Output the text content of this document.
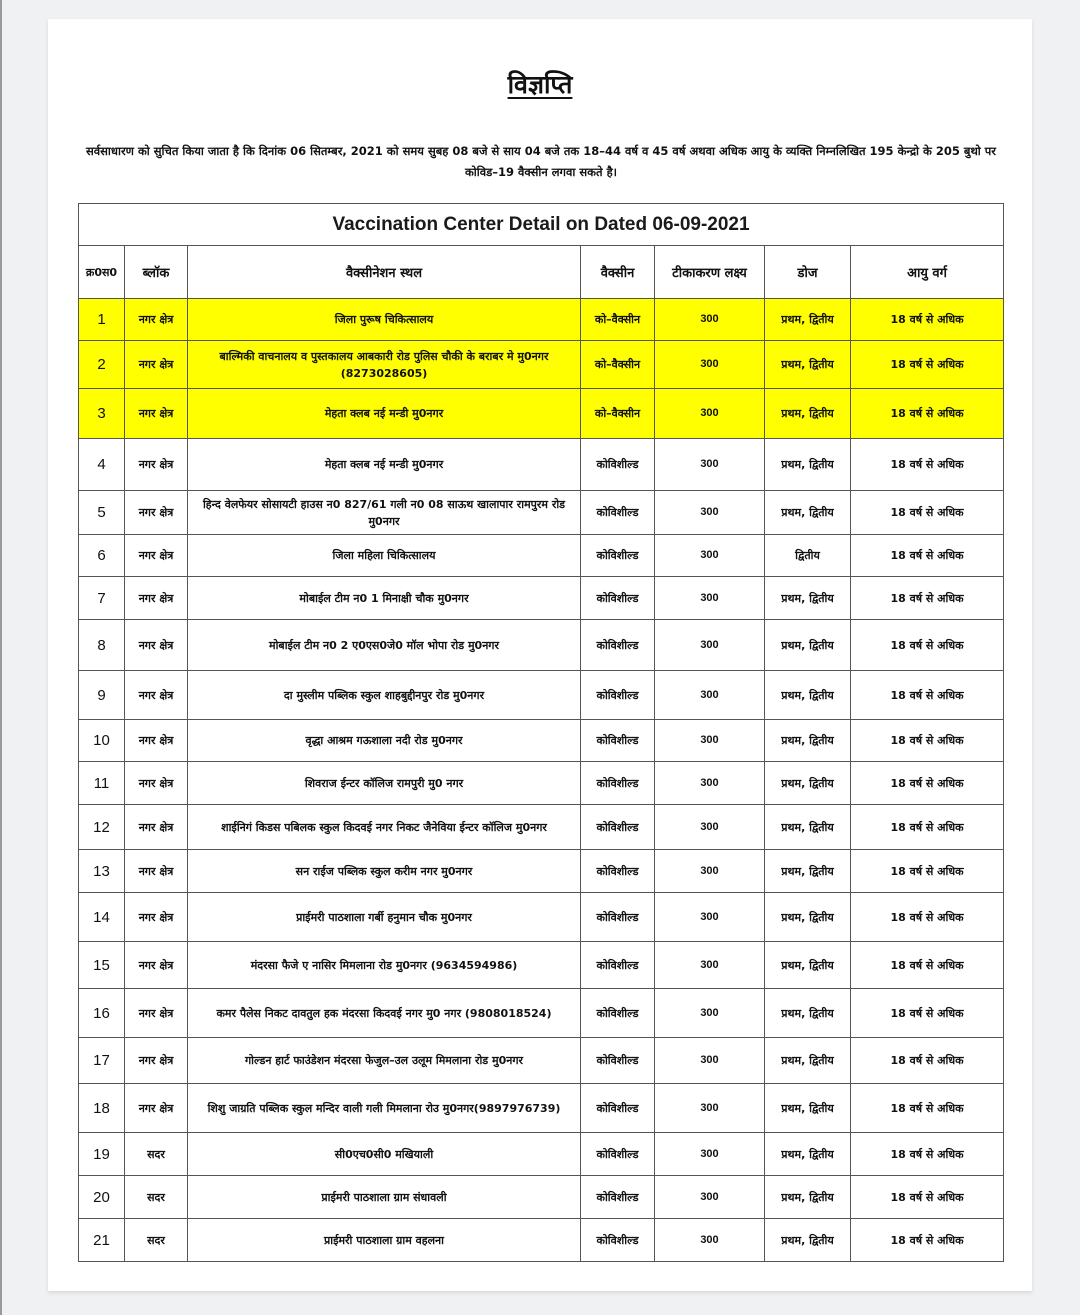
विज्ञप्ति
सर्वसाधारण को सुचित किया जाता है कि दिनांक 06 सितम्बर, 2021 को समय सुबह 08 बजे से साय 04 बजे तक 18–44 वर्ष व 45 वर्ष अथवा अधिक आयु के व्यक्ति निम्नलिखित 195 केन्द्रो के 205 बुथो पर कोविड–19 वैक्सीन लगवा सकते है।
Vaccination Center Detail on Dated 06-09-2021						
क्र0स0	ब्लॉक	वैक्सीनेशन स्थल	वैक्सीन	टीकाकरण लक्ष्य	डोज	आयु वर्ग
1	नगर क्षेत्र	जिला पुरूष चिकित्सालय	को–वैक्सीन	300	प्रथम, द्वितीय	18 वर्ष से अधिक
2	नगर क्षेत्र	बाल्मिकी वाचनालय व पुस्तकालय आबकारी रोड पुलिस चौकी के बराबर मे मु0नगर (8273028605)	को–वैक्सीन	300	प्रथम, द्वितीय	18 वर्ष से अधिक
3	नगर क्षेत्र	मेहता क्लब नई मन्डी मु0नगर	को–वैक्सीन	300	प्रथम, द्वितीय	18 वर्ष से अधिक
4	नगर क्षेत्र	मेहता क्लब नई मन्डी मु0नगर	कोविशील्ड	300	प्रथम, द्वितीय	18 वर्ष से अधिक
5	नगर क्षेत्र	हिन्द वेलफेयर सोसायटी हाउस न0 827/61 गली न0 08 साऊथ खालापार रामपुरम रोड मु0नगर	कोविशील्ड	300	प्रथम, द्वितीय	18 वर्ष से अधिक
6	नगर क्षेत्र	जिला महिला चिकित्सालय	कोविशील्ड	300	द्वितीय	18 वर्ष से अधिक
7	नगर क्षेत्र	मोबाईल टीम न0 1 मिनाक्षी चौक मु0नगर	कोविशील्ड	300	प्रथम, द्वितीय	18 वर्ष से अधिक
8	नगर क्षेत्र	मोबाईल टीम न0 2 ए0एस0जे0 मॉल भोपा रोड मु0नगर	कोविशील्ड	300	प्रथम, द्वितीय	18 वर्ष से अधिक
9	नगर क्षेत्र	दा मुस्लीम पब्लिक स्कुल शाहबुद्दीनपुर रोड मु0नगर	कोविशील्ड	300	प्रथम, द्वितीय	18 वर्ष से अधिक
10	नगर क्षेत्र	वृद्धा आश्रम गऊशाला नदी रोड मु0नगर	कोविशील्ड	300	प्रथम, द्वितीय	18 वर्ष से अधिक
11	नगर क्षेत्र	शिवराज ईन्टर कॉलिज रामपुरी मु0 नगर	कोविशील्ड	300	प्रथम, द्वितीय	18 वर्ष से अधिक
12	नगर क्षेत्र	शाईनिगं किडस पबिलक स्कुल किदवई नगर निकट जैनेविया ईन्टर कॉलिज मु0नगर	कोविशील्ड	300	प्रथम, द्वितीय	18 वर्ष से अधिक
13	नगर क्षेत्र	सन राईज पब्लिक स्कुल करीम नगर मु0नगर	कोविशील्ड	300	प्रथम, द्वितीय	18 वर्ष से अधिक
14	नगर क्षेत्र	प्राईमरी पाठशाला गर्बी हनुमान चौक मु0नगर	कोविशील्ड	300	प्रथम, द्वितीय	18 वर्ष से अधिक
15	नगर क्षेत्र	मंदरसा फैजे ए नासिर मिमलाना रोड मु0नगर (9634594986)	कोविशील्ड	300	प्रथम, द्वितीय	18 वर्ष से अधिक
16	नगर क्षेत्र	कमर पैलेस निकट दावतुल हक मंदरसा किदवई नगर मु0 नगर (9808018524)	कोविशील्ड	300	प्रथम, द्वितीय	18 वर्ष से अधिक
17	नगर क्षेत्र	गोल्डन हार्ट फाउंडेशन मंदरसा फेजुल–उल उलूम मिमलाना रोड मु0नगर	कोविशील्ड	300	प्रथम, द्वितीय	18 वर्ष से अधिक
18	नगर क्षेत्र	शिशु जाग्रति पब्लिक स्कुल मन्दिर वाली गली मिमलाना रोउ मु0नगर(9897976739)	कोविशील्ड	300	प्रथम, द्वितीय	18 वर्ष से अधिक
19	सदर	सी0एच0सी0 मखियाली	कोविशील्ड	300	प्रथम, द्वितीय	18 वर्ष से अधिक
20	सदर	प्राईमरी पाठशाला ग्राम संधावली	कोविशील्ड	300	प्रथम, द्वितीय	18 वर्ष से अधिक
21	सदर	प्राईमरी पाठशाला ग्राम वहलना	कोविशील्ड	300	प्रथम, द्वितीय	18 वर्ष से अधिक
